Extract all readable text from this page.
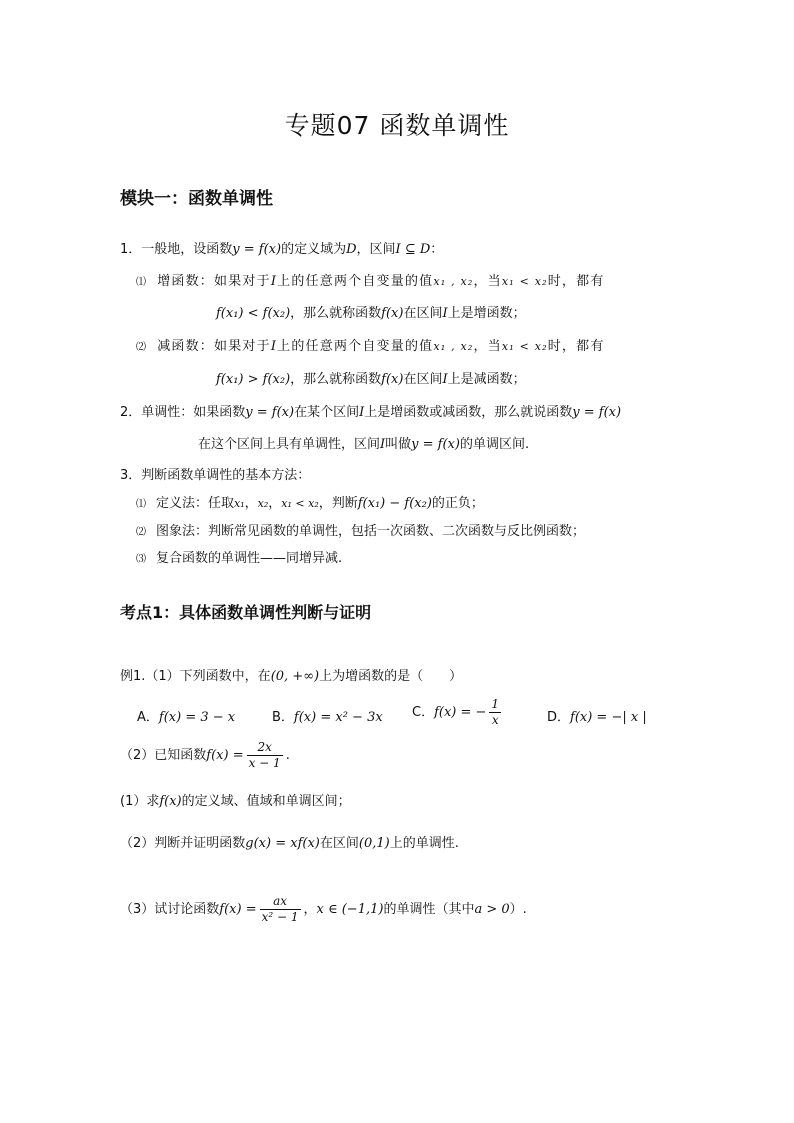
专题07 函数单调性
模块一：函数单调性
1．一般地，设函数y = f(x)的定义域为D，区间I ⊆ D：
⑴ 增函数：如果对于I上的任意两个自变量的值x₁ , x₂，当x₁ < x₂时，都有
f(x₁) < f(x₂)，那么就称函数f(x)在区间I上是增函数；
⑵ 减函数：如果对于I上的任意两个自变量的值x₁ , x₂，当x₁ < x₂时，都有
f(x₁) > f(x₂)，那么就称函数f(x)在区间I上是减函数；
2．单调性：如果函数y = f(x)在某个区间I上是增函数或减函数，那么就说函数y = f(x)
在这个区间上具有单调性，区间I叫做y = f(x)的单调区间.
3．判断函数单调性的基本方法：
⑴ 定义法：任取x₁，x₂，x₁ < x₂，判断f(x₁) − f(x₂)的正负；
⑵ 图象法：判断常见函数的单调性，包括一次函数、二次函数与反比例函数；
⑶ 复合函数的单调性——同增异减.
考点1：具体函数单调性判断与证明
例1.（1）下列函数中，在(0, +∞)上为增函数的是（　　）
A．f(x) = 3 − x	B．f(x) = x² − 3x C．f(x) = − $\frac{1}{x}$	D．f(x) = −| x |
（2）已知函数$f(x) = \frac{2x}{x - 1}$ .
(1）求f(x)的定义域、值域和单调区间；
（2）判断并证明函数g(x) = xf(x)在区间(0,1)上的单调性.
（3）试讨论函数$f(x) = \frac{ax}{\text{x² − 1}}$ ，x ∈ (−1,1)的单调性（其中a > 0）.
